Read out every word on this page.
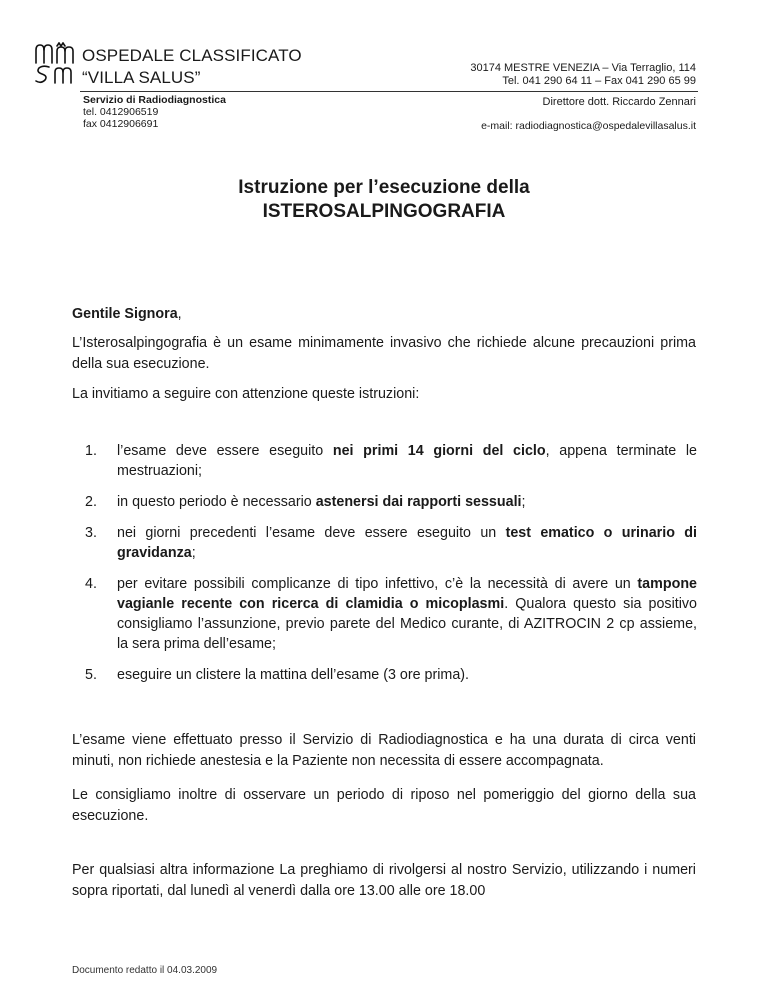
OSPEDALE CLASSIFICATO
“VILLA SALUS”	30174 MESTRE VENEZIA – Via Terraglio, 114
Tel. 041 290 64 11 – Fax 041 290 65 99
Servizio di Radiodiagnostica
tel. 0412906519
fax 0412906691
Direttore dott. Riccardo Zennari
e-mail: radiodiagnostica@ospedalevillasalus.it
Istruzione per l’esecuzione della
ISTEROSALPINGOGRAFIA
Gentile Signora,
L’Isterosalpingografia è un esame minimamente invasivo che richiede alcune precauzioni prima della sua esecuzione.
La invitiamo a seguire con attenzione queste istruzioni:
1. l’esame deve essere eseguito nei primi 14 giorni del ciclo, appena terminate le mestruazioni;
2. in questo periodo è necessario astenersi dai rapporti sessuali;
3. nei giorni precedenti l’esame deve essere eseguito un test ematico o urinario di gravidanza;
4. per evitare possibili complicanze di tipo infettivo, c’è la necessità di avere un tampone vagianle recente con ricerca di clamidia o micoplasmi. Qualora questo sia positivo consigliamo l’assunzione, previo parete del Medico curante, di AZITROCIN 2 cp assieme, la sera prima dell’esame;
5. eseguire un clistere la mattina dell’esame (3 ore prima).
L’esame viene effettuato presso il Servizio di Radiodiagnostica e ha una durata di circa venti minuti, non richiede anestesia e la Paziente non necessita di essere accompagnata.
Le consigliamo inoltre di osservare un periodo di riposo nel pomeriggio del giorno della sua esecuzione.
Per qualsiasi altra informazione La preghiamo di rivolgersi al nostro Servizio, utilizzando i numeri sopra riportati, dal lunedì al venerdì dalla ore 13.00 alle ore 18.00
Documento redatto il 04.03.2009
